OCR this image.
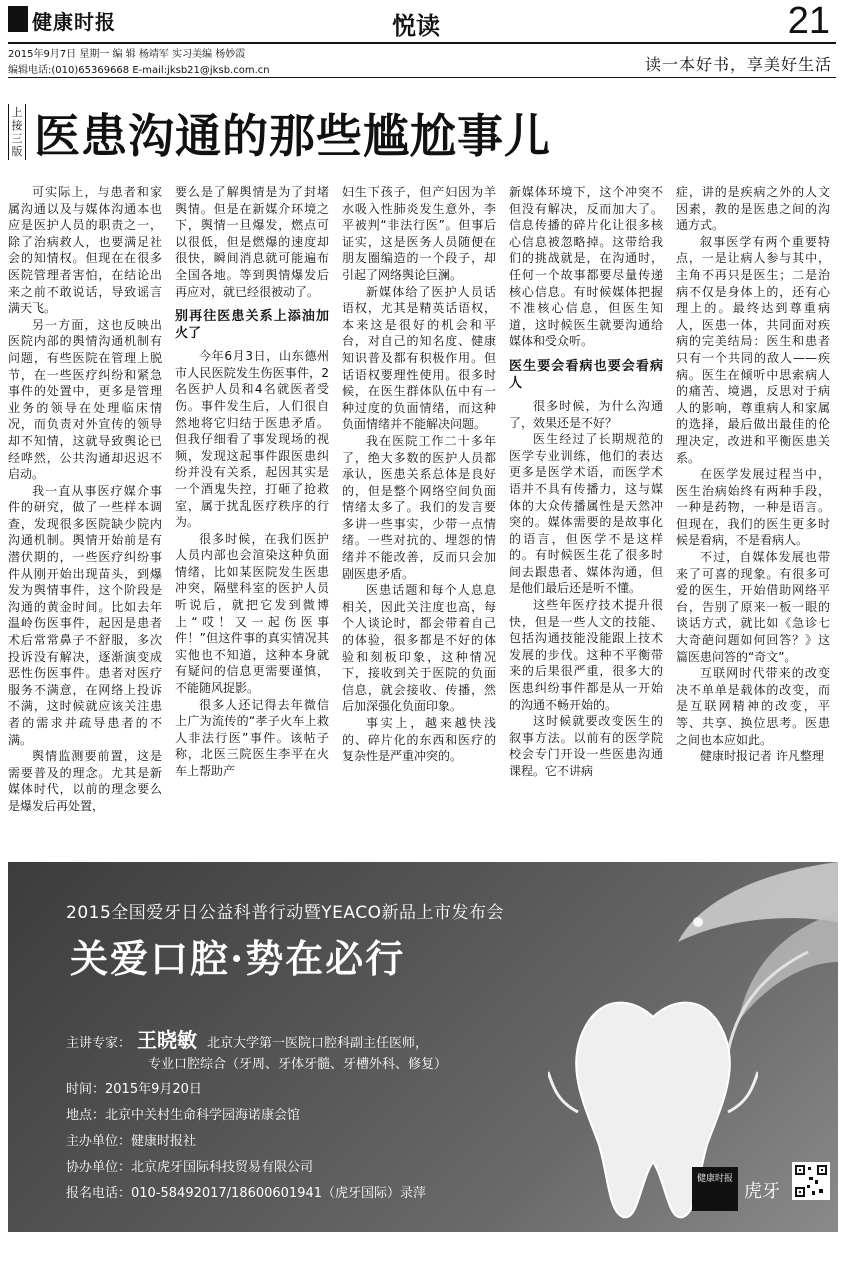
健康时报	悦读	21
2015年9月7日 星期一 编 辑 杨靖军 实习美编 杨妙霞
编辑电话:(010)65369668 E-mail:jksb21@jksb.com.cn	读一本好书，享美好生活
上接三版 医患沟通的那些尴尬事儿

可实际上，与患者和家属沟通以及与媒体沟通本也应是医护人员的职责之一，除了治病救人，也要满足社会的知情权。但现在在很多医院管理者害怕，在结论出来之前不敢说话，导致谣言满天飞。

另一方面，这也反映出医院内部的舆情沟通机制有问题，有些医院在管理上脱节，在一些医疗纠纷和紧急事件的处置中，更多是管理业务的领导在处理临床情况，而负责对外宣传的领导却不知情，这就导致舆论已经哗然，公共沟通却迟迟不启动。

我一直从事医疗媒介事件的研究，做了一些样本调查，发现很多医院缺少院内沟通机制。舆情开始前是有潜伏期的，一些医疗纠纷事件从刚开始出现苗头，到爆发为舆情事件，这个阶段是沟通的黄金时间。比如去年温岭伤医事件，起因是患者术后常常鼻子不舒服，多次投诉没有解决，逐渐演变成恶性伤医事件。患者对医疗服务不满意，在网络上投诉不满，这时候就应该关注患者的需求并疏导患者的不满。

舆情监测要前置，这是需要普及的理念。尤其是新媒体时代，以前的理念要么是爆发后再处置，

要么是了解舆情是为了封堵舆情。但是在新媒介环境之下，舆情一旦爆发，燃点可以很低，但是燃爆的速度却很快，瞬间消息就可能遍布全国各地。等到舆情爆发后再应对，就已经很被动了。

别再往医患关系上添油加火了

今年6月3日，山东德州市人民医院发生伤医事件，2名医护人员和4名就医者受伤。事件发生后，人们很自然地将它归结于医患矛盾。但我仔细看了事发现场的视频，发现这起事件跟医患纠纷并没有关系，起因其实是一个酒鬼失控，打砸了抢救室，属于扰乱医疗秩序的行为。

很多时候，在我们医护人员内部也会渲染这种负面情绪，比如某医院发生医患冲突，隔壁科室的医护人员听说后，就把它发到微博上“哎！又一起伤医事件！”但这件事的真实情况其实他也不知道，这种本身就有疑问的信息更需要谨慎，不能随风捉影。

很多人还记得去年微信上广为流传的“孝子火车上救人非法行医”事件。该帖子称，北医三院医生李平在火车上帮助产

妇生下孩子，但产妇因为羊水吸入性肺炎发生意外，李平被判“非法行医”。但事后证实，这是医务人员随便在朋友圈编造的一个段子，却引起了网络舆论巨澜。

新媒体给了医护人员话语权，尤其是精英话语权，本来这是很好的机会和平台，对自己的知名度、健康知识普及都有积极作用。但话语权要理性使用。很多时候，在医生群体队伍中有一种过度的负面情绪，而这种负面情绪并不能解决问题。

我在医院工作二十多年了，绝大多数的医护人员都承认，医患关系总体是良好的，但是整个网络空间负面情绪太多了。我们的发言要多讲一些事实，少带一点情绪。一些对抗的、埋怨的情绪并不能改善，反而只会加剧医患矛盾。

医患话题和每个人息息相关，因此关注度也高，每个人谈论时，都会带着自己的体验，很多都是不好的体验和刻板印象，这种情况下，接收到关于医院的负面信息，就会接收、传播，然后加深强化负面印象。

事实上，越来越快浅的、碎片化的东西和医疗的复杂性是严重冲突的。

新媒体环境下，这个冲突不但没有解决，反而加大了。信息传播的碎片化让很多核心信息被忽略掉。这带给我们的挑战就是，在沟通时，任何一个故事都要尽量传递核心信息。有时候媒体把握不准核心信息，但医生知道，这时候医生就要沟通给媒体和受众听。

医生要会看病也要会看病人

很多时候，为什么沟通了，效果还是不好？

医生经过了长期规范的医学专业训练，他们的表达更多是医学术语，而医学术语并不具有传播力，这与媒体的大众传播属性是天然冲突的。媒体需要的是故事化的语言，但医学不是这样的。有时候医生花了很多时间去跟患者、媒体沟通，但是他们最后还是听不懂。

这些年医疗技术提升很快，但是一些人文的技能、包括沟通技能没能跟上技术发展的步伐。这种不平衡带来的后果很严重，很多大的医患纠纷事件都是从一开始的沟通不畅开始的。

这时候就要改变医生的叙事方法。以前有的医学院校会专门开设一些医患沟通课程。它不讲病

症，讲的是疾病之外的人文因素，教的是医患之间的沟通方式。

叙事医学有两个重要特点，一是让病人参与其中，主角不再只是医生；二是治病不仅是身体上的，还有心理上的。最终达到尊重病人，医患一体，共同面对疾病的完美结局：医生和患者只有一个共同的敌人——疾病。医生在倾听中思索病人的痛苦、境遇，反思对于病人的影响，尊重病人和家属的选择，最后做出最佳的伦理决定，改进和平衡医患关系。

在医学发展过程当中，医生治病始终有两种手段，一种是药物，一种是语言。但现在，我们的医生更多时候是看病，不是看病人。

不过，自媒体发展也带来了可喜的现象。有很多可爱的医生，开始借助网络平台，告别了原来一板一眼的谈话方式，就比如《急诊七大奇葩问题如何回答？》这篇医患问答的“奇文”。

互联网时代带来的改变决不单单是载体的改变，而是互联网精神的改变，平等、共享、换位思考。医患之间也本应如此。

健康时报记者 许凡整理

2015全国爱牙日公益科普行动暨YEACO新品上市发布会
关爱口腔·势在必行
主讲专家： 王晓敏 北京大学第一医院口腔科副主任医师，
专业口腔综合（牙周、牙体牙髓、牙槽外科、修复）
时间：2015年9月20日
地点：北京中关村生命科学园海诺康会馆
主办单位：健康时报社
协办单位：北京虎牙国际科技贸易有限公司
报名电话：010-58492017/18600601941（虎牙国际）录萍
健康时报
虎牙
